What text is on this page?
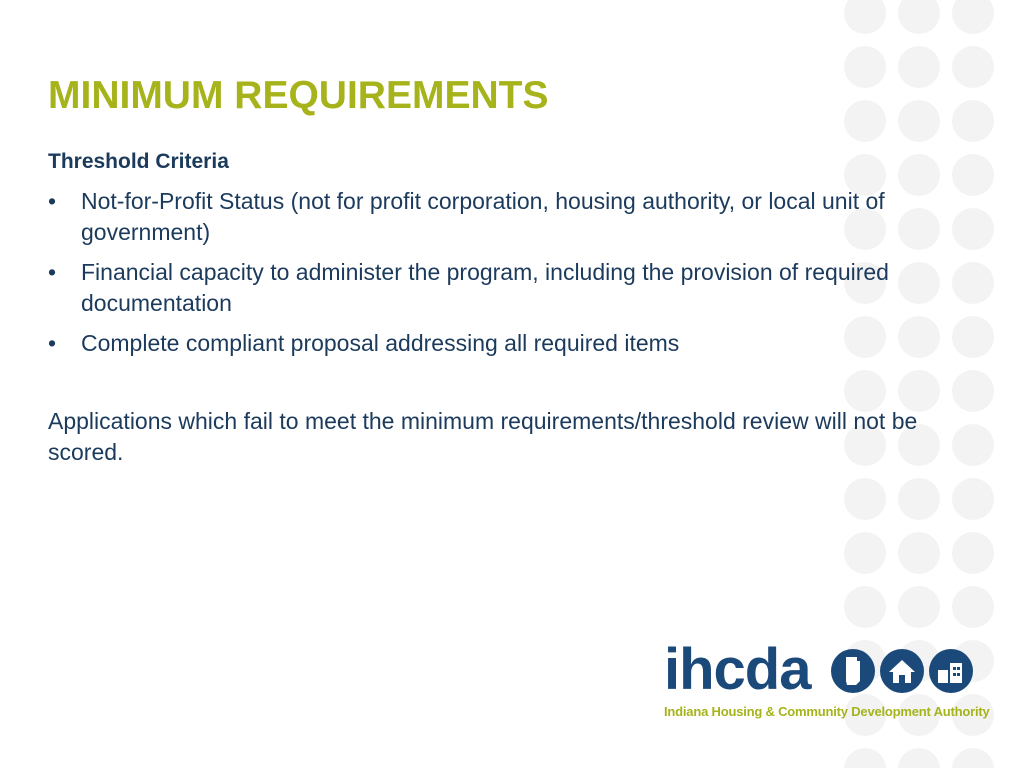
MINIMUM REQUIREMENTS
Threshold Criteria
•	Not-for-Profit Status (not for profit corporation, housing authority, or local unit of government)
•	Financial capacity to administer the program, including the provision of required documentation
•	Complete compliant proposal addressing all required items
Applications which fail to meet the minimum requirements/threshold review will not be scored.
ihcda
Indiana Housing & Community Development Authority
